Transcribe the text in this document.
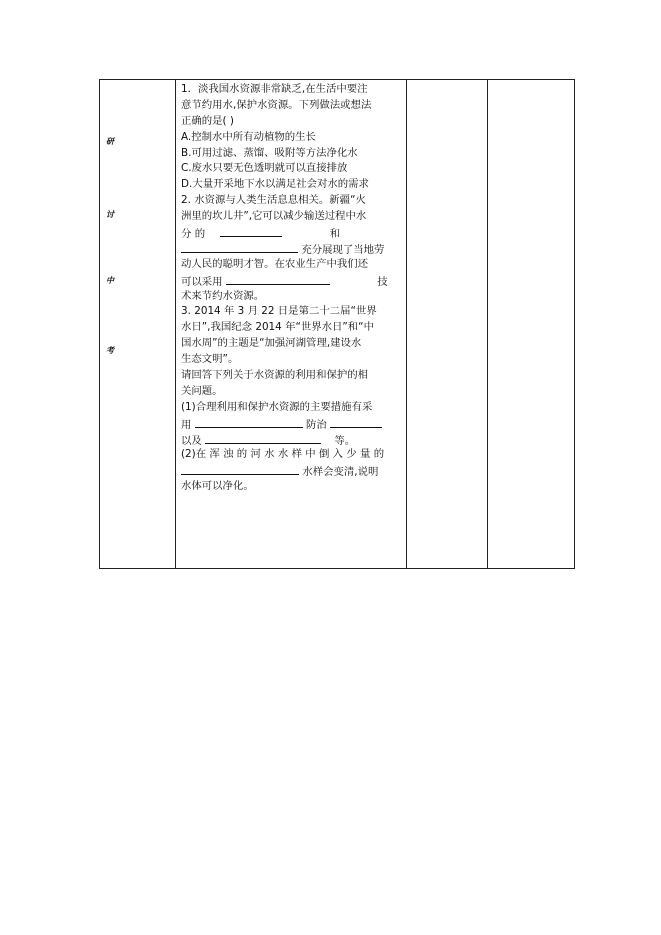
研
讨
中
考

1．淡我国水资源非常缺乏,在生活中要注
意节约用水,保护水资源。下列做法或想法
正确的是( )
A.控制水中所有动植物的生长
B.可用过滤、蒸馏、吸附等方法净化水
C.废水只要无色透明就可以直接排放
D.大量开采地下水以满足社会对水的需求
2. 水资源与人类生活息息相关。新疆“火
洲里的坎儿井”,它可以减少输送过程中水
分 的	和
充分展现了当地劳
动人民的聪明才智。在农业生产中我们还
可以采用	技
术来节约水资源。
3. 2014 年 3 月 22 日是第二十二届“世界
水日”,我国纪念 2014 年“世界水日”和“中
国水周”的主题是“加强河湖管理,建设水
生态文明”。
请回答下列关于水资源的利用和保护的相
关问题。
(1)合理利用和保护水资源的主要措施有采
用	防治
以及	等。
(2)在 浑 浊 的 河 水 水 样 中 倒 入 少 量 的
水样会变清,说明
水体可以净化。
